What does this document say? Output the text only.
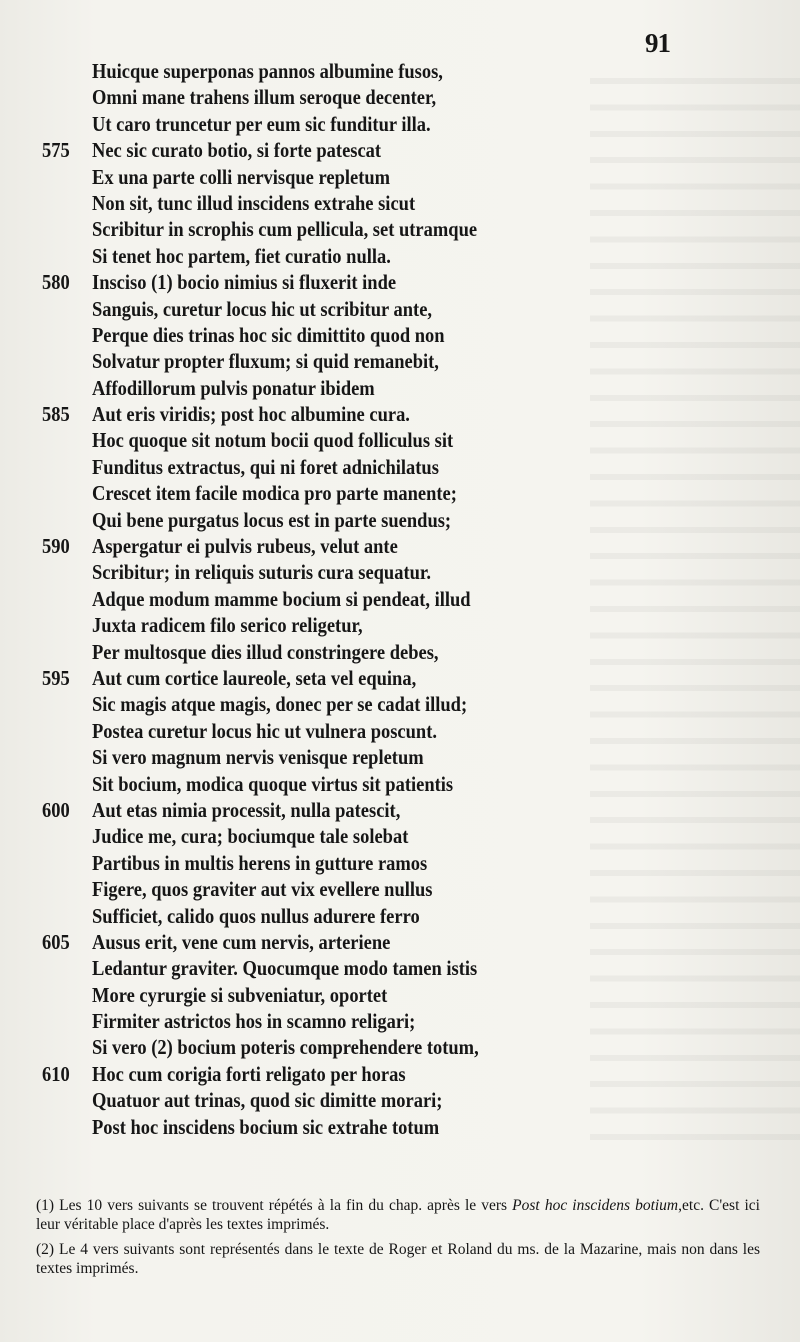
91
Huicque superponas pannos albumine fusos,
Omni mane trahens illum seroque decenter,
Ut caro truncetur per eum sic funditur illa.
575	Nec sic curato botio, si forte patescat
Ex una parte colli nervisque repletum
Non sit, tunc illud inscidens extrahe sicut
Scribitur in scrophis cum pellicula, set utramque
Si tenet hoc partem, fiet curatio nulla.
580	Insciso (1) bocio nimius si fluxerit inde
Sanguis, curetur locus hic ut scribitur ante,
Perque dies trinas hoc sic dimittito quod non
Solvatur propter fluxum; si quid remanebit,
Affodillorum pulvis ponatur ibidem
585	Aut eris viridis; post hoc albumine cura.
Hoc quoque sit notum bocii quod folliculus sit
Funditus extractus, qui ni foret adnichilatus
Crescet item facile modica pro parte manente;
Qui bene purgatus locus est in parte suendus;
590	Aspergatur ei pulvis rubeus, velut ante
Scribitur; in reliquis suturis cura sequatur.
Adque modum mamme bocium si pendeat, illud
Juxta radicem filo serico religetur,
Per multosque dies illud constringere debes,
595	Aut cum cortice laureole, seta vel equina,
Sic magis atque magis, donec per se cadat illud;
Postea curetur locus hic ut vulnera poscunt.
Si vero magnum nervis venisque repletum
Sit bocium, modica quoque virtus sit patientis
600	Aut etas nimia processit, nulla patescit,
Judice me, cura; bociumque tale solebat
Partibus in multis herens in gutture ramos
Figere, quos graviter aut vix evellere nullus
Sufficiet, calido quos nullus adurere ferro
605	Ausus erit, vene cum nervis, arteriene
Ledantur graviter. Quocumque modo tamen istis
More cyrurgie si subveniatur, oportet
Firmiter astrictos hos in scamno religari;
Si vero (2) bocium poteris comprehendere totum,
610	Hoc cum corigia forti religato per horas
Quatuor aut trinas, quod sic dimitte morari;
Post hoc inscidens bocium sic extrahe totum

(1) Les 10 vers suivants se trouvent répétés à la fin du chap. après le vers Post hoc inscidens botium,etc. C'est ici leur véritable place d'après les textes imprimés.

(2) Le 4 vers suivants sont représentés dans le texte de Roger et Roland du ms. de la Mazarine, mais non dans les textes imprimés.
